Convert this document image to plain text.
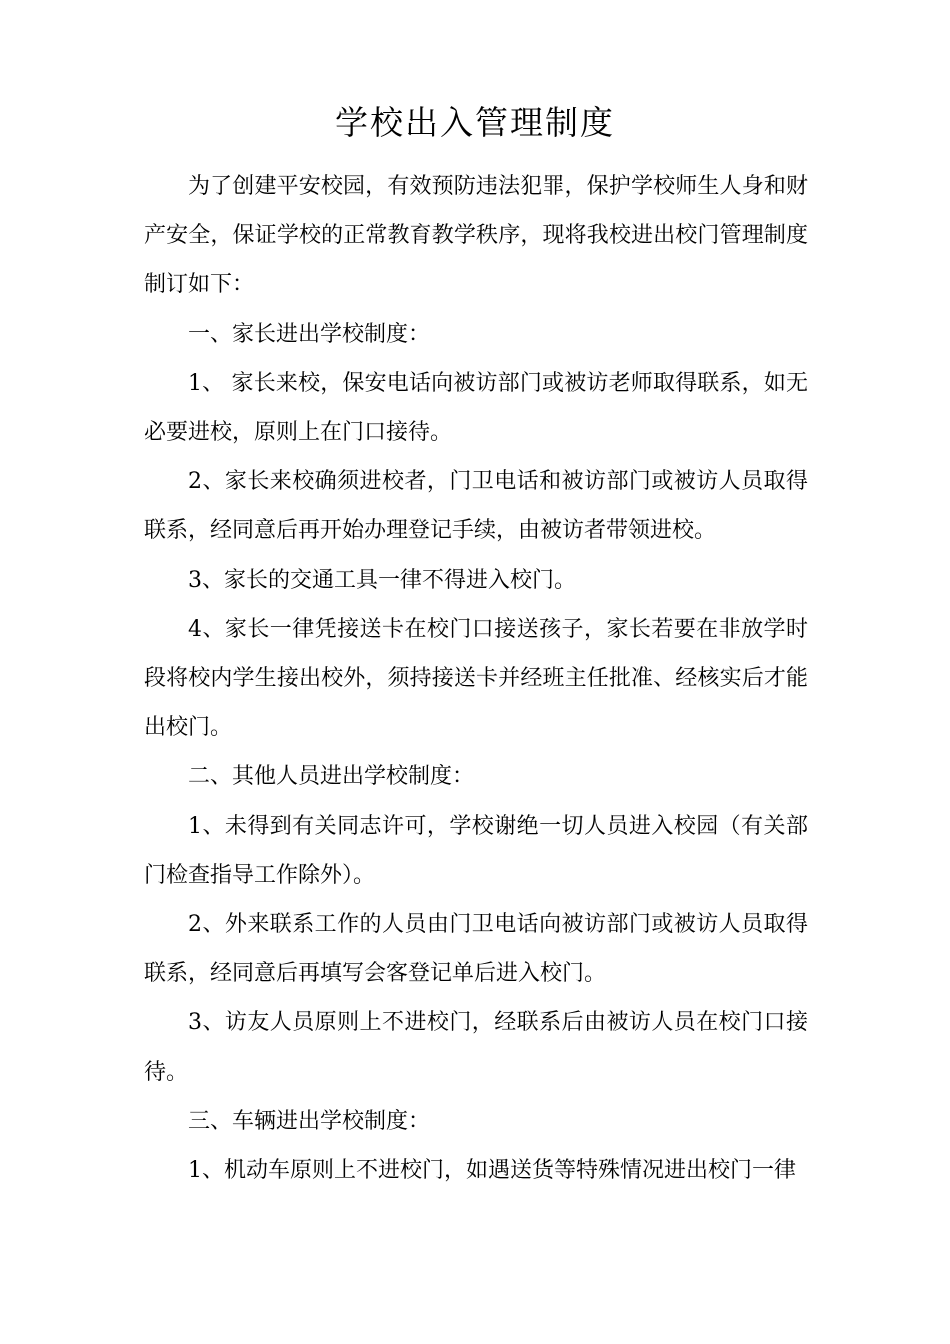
学校出入管理制度

为了创建平安校园，有效预防违法犯罪，保护学校师生人身和财产安全，保证学校的正常教育教学秩序，现将我校进出校门管理制度制订如下：

一、家长进出学校制度：

1、 家长来校，保安电话向被访部门或被访老师取得联系，如无必要进校，原则上在门口接待。

2、家长来校确须进校者，门卫电话和被访部门或被访人员取得联系，经同意后再开始办理登记手续，由被访者带领进校。

3、家长的交通工具一律不得进入校门。

4、家长一律凭接送卡在校门口接送孩子，家长若要在非放学时段将校内学生接出校外，须持接送卡并经班主任批准、经核实后才能出校门。

二、其他人员进出学校制度：

1、未得到有关同志许可，学校谢绝一切人员进入校园（有关部门检查指导工作除外）。

2、外来联系工作的人员由门卫电话向被访部门或被访人员取得联系，经同意后再填写会客登记单后进入校门。

3、访友人员原则上不进校门，经联系后由被访人员在校门口接待。

三、车辆进出学校制度：

1、机动车原则上不进校门，如遇送货等特殊情况进出校门一律
